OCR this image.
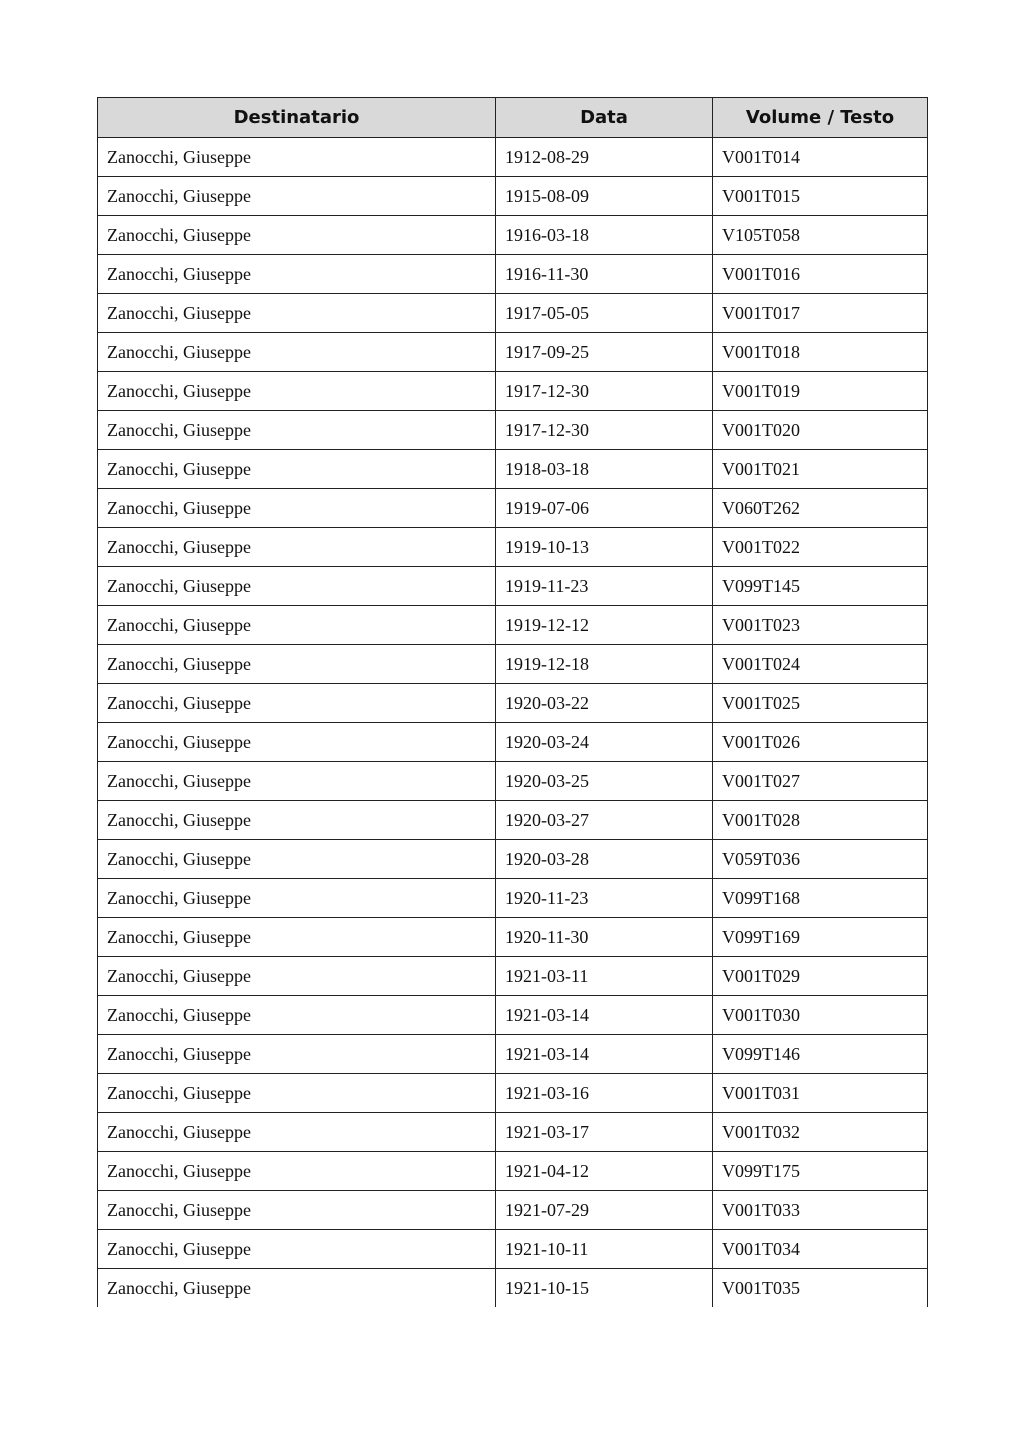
Destinatario	Data	Volume / Testo
Zanocchi, Giuseppe	1912-08-29	V001T014
Zanocchi, Giuseppe	1915-08-09	V001T015
Zanocchi, Giuseppe	1916-03-18	V105T058
Zanocchi, Giuseppe	1916-11-30	V001T016
Zanocchi, Giuseppe	1917-05-05	V001T017
Zanocchi, Giuseppe	1917-09-25	V001T018
Zanocchi, Giuseppe	1917-12-30	V001T019
Zanocchi, Giuseppe	1917-12-30	V001T020
Zanocchi, Giuseppe	1918-03-18	V001T021
Zanocchi, Giuseppe	1919-07-06	V060T262
Zanocchi, Giuseppe	1919-10-13	V001T022
Zanocchi, Giuseppe	1919-11-23	V099T145
Zanocchi, Giuseppe	1919-12-12	V001T023
Zanocchi, Giuseppe	1919-12-18	V001T024
Zanocchi, Giuseppe	1920-03-22	V001T025
Zanocchi, Giuseppe	1920-03-24	V001T026
Zanocchi, Giuseppe	1920-03-25	V001T027
Zanocchi, Giuseppe	1920-03-27	V001T028
Zanocchi, Giuseppe	1920-03-28	V059T036
Zanocchi, Giuseppe	1920-11-23	V099T168
Zanocchi, Giuseppe	1920-11-30	V099T169
Zanocchi, Giuseppe	1921-03-11	V001T029
Zanocchi, Giuseppe	1921-03-14	V001T030
Zanocchi, Giuseppe	1921-03-14	V099T146
Zanocchi, Giuseppe	1921-03-16	V001T031
Zanocchi, Giuseppe	1921-03-17	V001T032
Zanocchi, Giuseppe	1921-04-12	V099T175
Zanocchi, Giuseppe	1921-07-29	V001T033
Zanocchi, Giuseppe	1921-10-11	V001T034
Zanocchi, Giuseppe	1921-10-15	V001T035
